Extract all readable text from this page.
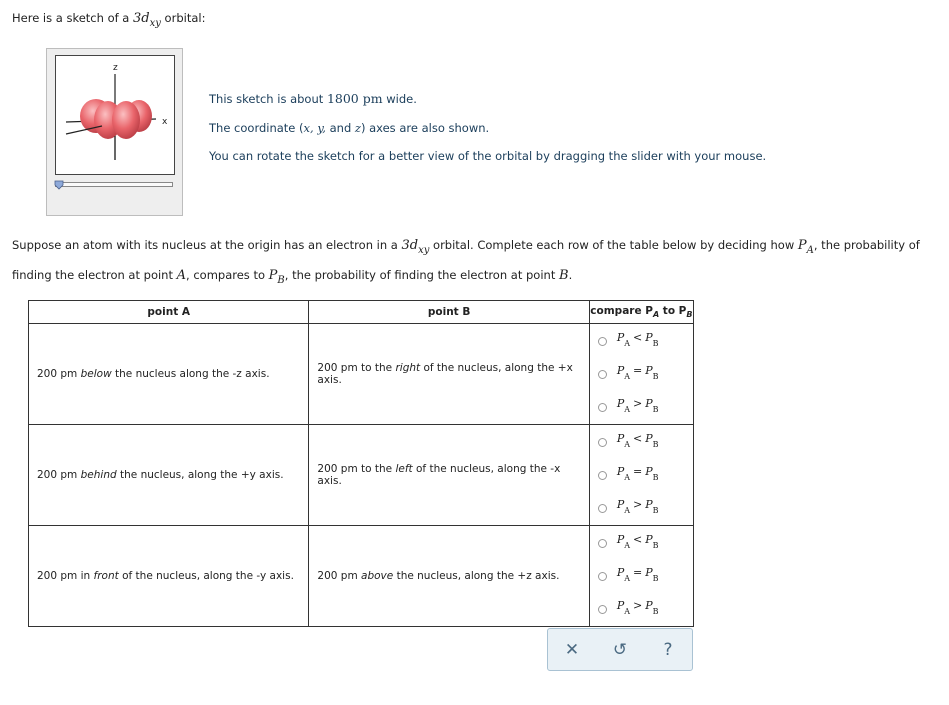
Here is a sketch of a $3d_{xy}$ orbital:
z
x
This sketch is about 1800 pm wide.
The coordinate (x, y, and z) axes are also shown.
You can rotate the sketch for a better view of the orbital by dragging the slider with your mouse.
Suppose an atom with its nucleus at the origin has an electron in a $3d_{xy}$ orbital. Complete each row of the table below by deciding how $P_A$, the probability of finding the electron at point A, compares to $P_B$, the probability of finding the electron at point B.
point A	point B	compare $P_A$ to $P_B$
200 pm below the nucleus along the -z axis.	200 pm to the right of the nucleus, along the +x axis.	$P_A < P_B$
$P_A = P_B$
$P_A > P_B$

200 pm behind the nucleus, along the +y axis.	200 pm to the left of the nucleus, along the -x axis.	$P_A < P_B$
$P_A = P_B$
$P_A > P_B$

200 pm in front of the nucleus, along the -y axis.	200 pm above the nucleus, along the +z axis.	$P_A < P_B$
$P_A = P_B$
$P_A > P_B$
✕	↺	?
